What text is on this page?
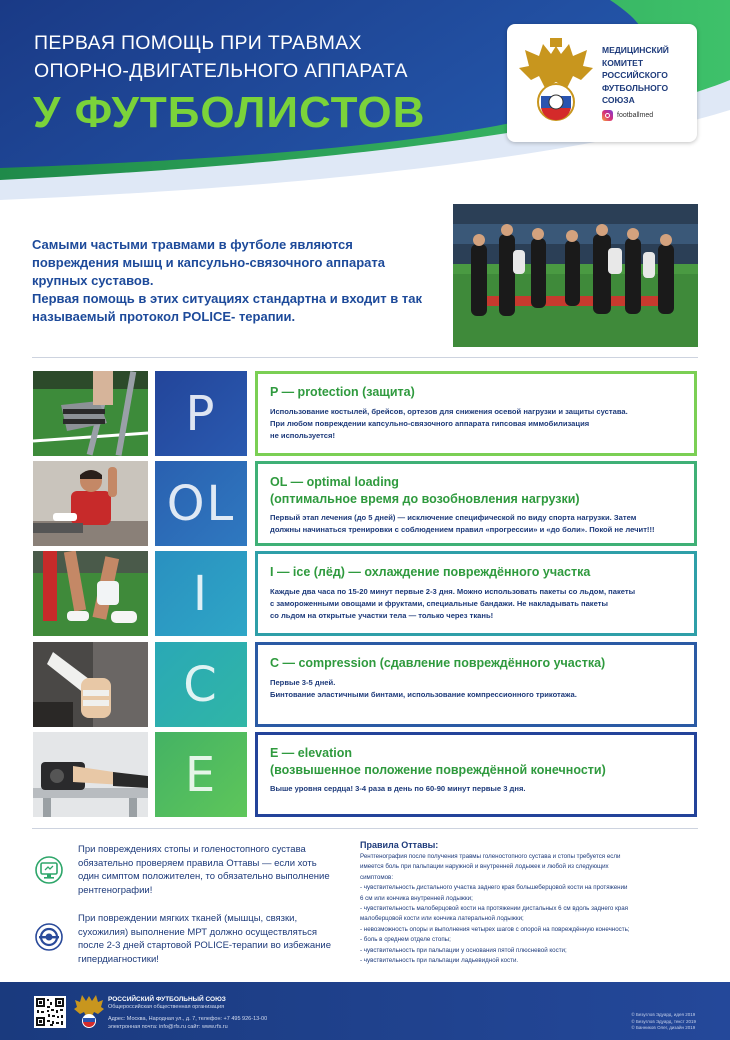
ПЕРВАЯ ПОМОЩЬ ПРИ ТРАВМАХ
ОПОРНО-ДВИГАТЕЛЬНОГО АППАРАТА
У ФУТБОЛИСТОВ
МЕДИЦИНСКИЙ
КОМИТЕТ
РОССИЙСКОГО
ФУТБОЛЬНОГО
СОЮЗА
footballmed
Самыми частыми травмами в футболе являются повреждения мышц и капсульно-связочного аппарата крупных суставов.
Первая помощь в этих ситуациях стандартна и входит в так называемый протокол POLICE- терапии.
P	P — protection (защита)
Использование костылей, брейсов, ортезов для снижения осевой нагрузки и защиты сустава.
При любом повреждении капсульно-связочного аппарата гипсовая иммобилизация
не используется!
OL	OL — optimal loading
(оптимальное время до возобновления нагрузки)
Первый этап лечения (до 5 дней) — исключение специфической по виду спорта нагрузки. Затем
должны начинаться тренировки с соблюдением правил «прогрессии» и «до боли». Покой не лечит!!!
I	I — ice (лёд) — охлаждение повреждённого участка
Каждые два часа по 15-20 минут первые 2-3 дня. Можно использовать пакеты со льдом, пакеты
с замороженными овощами и фруктами, специальные бандажи. Не накладывать пакеты
со льдом на открытые участки тела — только через ткань!
C	C — compression (сдавление повреждённого участка)
Первые 3-5 дней.
Бинтование эластичными бинтами, использование компрессионного трикотажа.
E	E — elevation
(возвышенное положение повреждённой конечности)
Выше уровня сердца! 3-4 раза в день по 60-90 минут первые 3 дня.
При повреждениях стопы и голеностопного сустава обязательно проверяем правила Оттавы — если хоть один симптом положителен, то обязательно выполнение рентгенографии!
При повреждении мягких тканей (мышцы, связки, сухожилия) выполнение МРТ должно осуществляться после 2-3 дней стартовой POLICE-терапии во избежание гипердиагностики!
Правила Оттавы:
Рентгенография после получения травмы голеностопного сустава и стопы требуется если
имеется боль при пальпации наружной и внутренней лодыжек и любой из следующих
симптомов:
- чувствительность дистального участка заднего края большеберцовой кости на протяжении
6 см или кончика внутренней лодыжки;
- чувствительность малоберцовой кости на протяжении дистальных 6 см вдоль заднего края
малоберцовой кости или кончика латеральной лодыжки;
- невозможность опоры и выполнения четырех шагов с опорой на повреждённую конечность;
- боль в среднем отделе стопы;
- чувствительность при пальпации у основания пятой плюсневой кости;
- чувствительность при пальпации ладьевидной кости.
РОССИЙСКИЙ ФУТБОЛЬНЫЙ СОЮЗ
Общероссийская общественная организация
Адрес: Москва, Народная ул., д. 7, телефон: +7 495 926-13-00
электронная почта: info@rfs.ru сайт: www.rfs.ru
© Безуглов Эдуард, идея 2019
© Безуглов Эдуард, текст 2019
© Банников Олег, дизайн 2019
